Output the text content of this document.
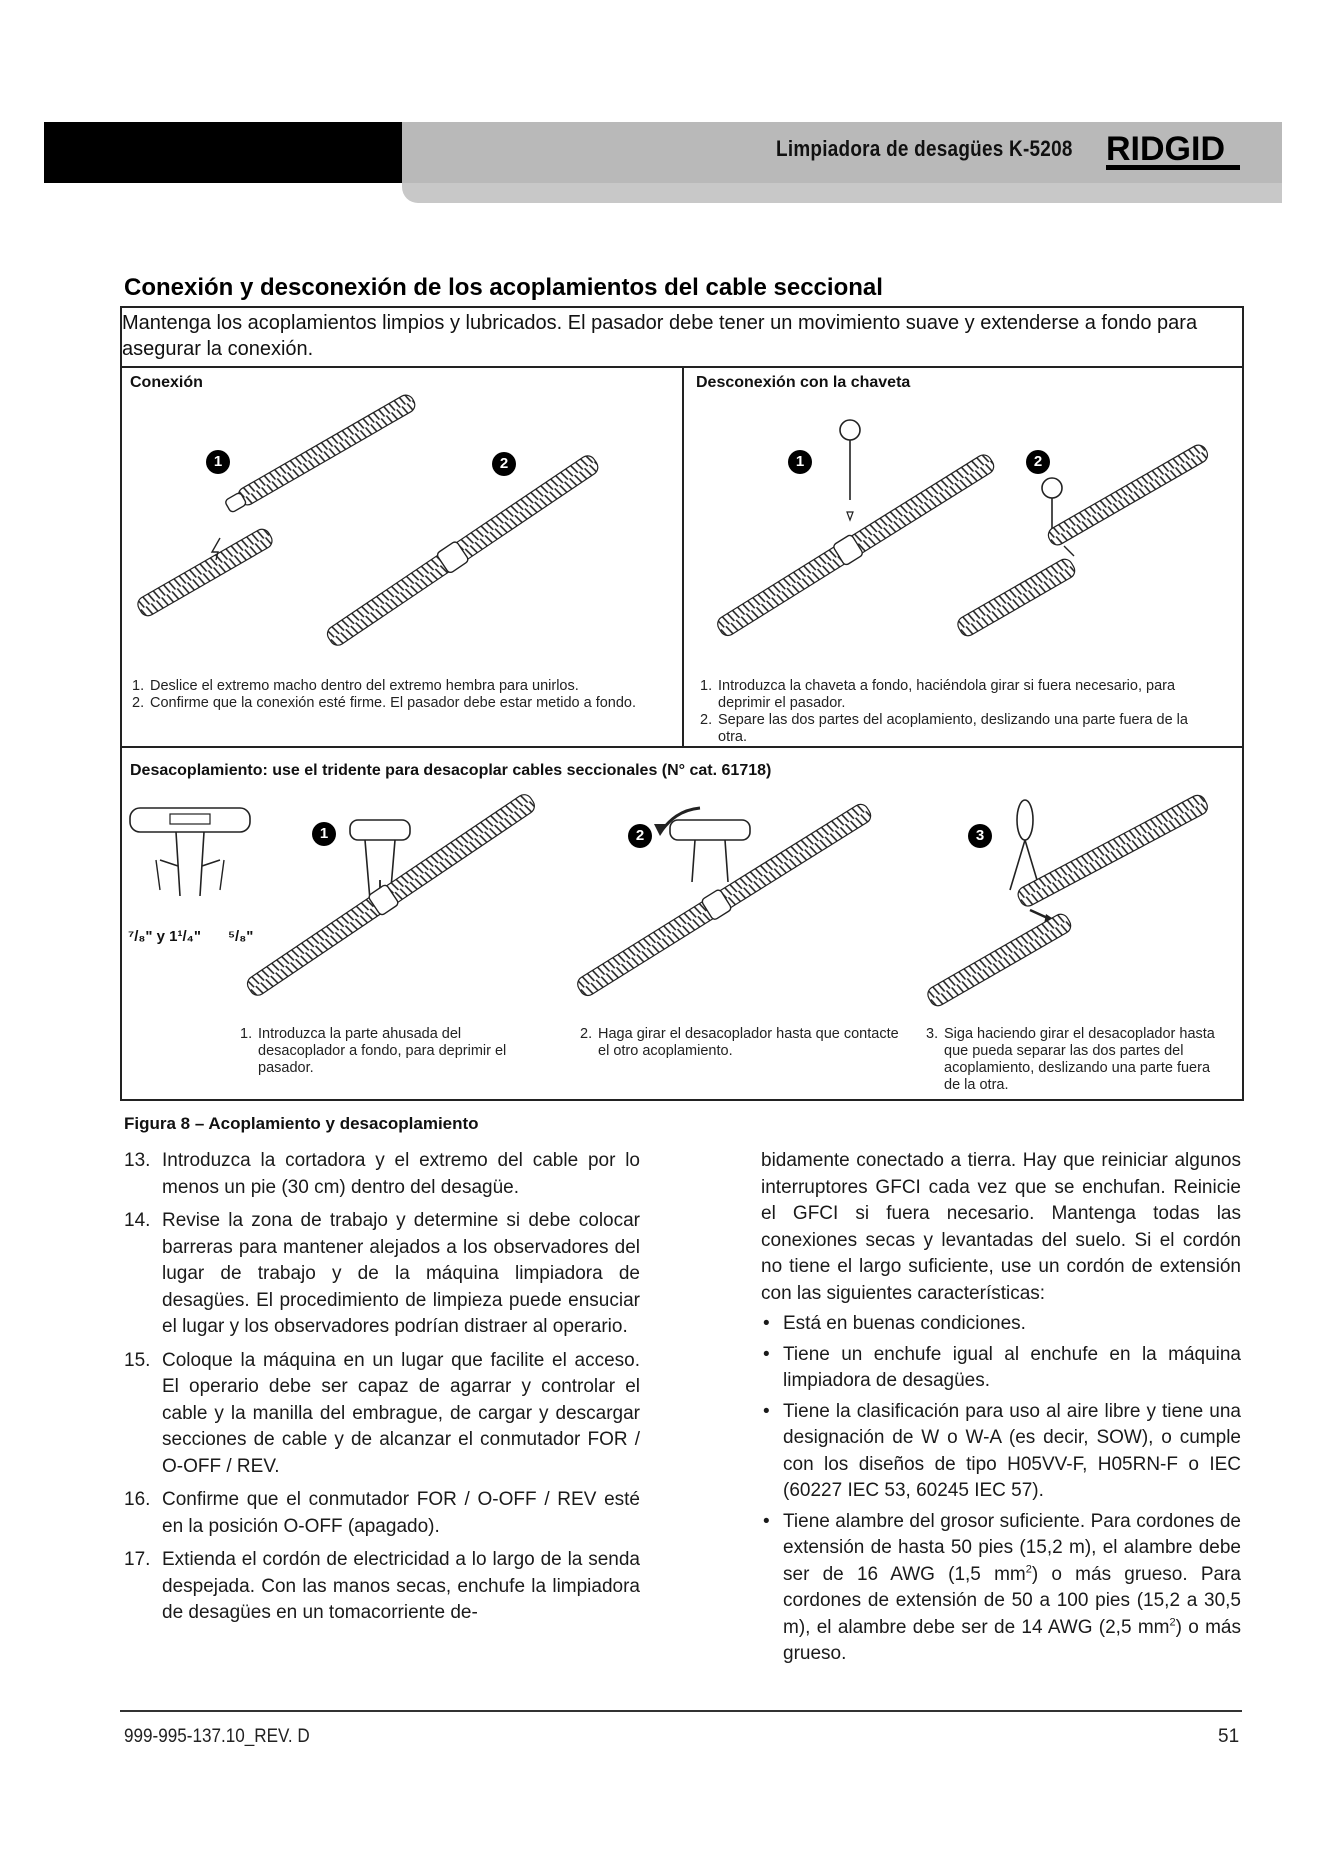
Limpiadora de desagües K-5208 RIDGID
Conexión y desconexión de los acoplamientos del cable seccional
Mantenga los acoplamientos limpios y lubricados. El pasador debe tener un movimiento suave y extenderse a fondo para asegurar la conexión.
Conexión
1	2
1. Deslice el extremo macho dentro del extremo hembra para unirlos.
2. Confirme que la conexión esté firme. El pasador debe estar metido a fondo.
Desconexión con la chaveta
1	2
1. Introduzca la chaveta a fondo, haciéndola girar si fuera necesario, para deprimir el pasador.
2. Separe las dos partes del acoplamiento, deslizando una parte fuera de la otra.
Desacoplamiento: use el tridente para desacoplar cables seccionales (N° cat. 61718)
⁷/₈" y 1¹/₄" ⁵/₈"
1	2	3
1. Introduzca la parte ahusada del desacoplador a fondo, para deprimir el pasador.
2. Haga girar el desacoplador hasta que contacte el otro acoplamiento.
3. Siga haciendo girar el desacoplador hasta que pueda separar las dos partes del acoplamiento, deslizando una parte fuera de la otra.
Figura 8 – Acoplamiento y desacoplamiento
13. Introduzca la cortadora y el extremo del cable por lo menos un pie (30 cm) dentro del desagüe.
14. Revise la zona de trabajo y determine si debe colocar barreras para mantener alejados a los observadores del lugar de trabajo y de la máquina limpiadora de desagües. El procedimiento de limpieza puede ensuciar el lugar y los observadores podrían distraer al operario.
15. Coloque la máquina en un lugar que facilite el acceso. El operario debe ser capaz de agarrar y controlar el cable y la manilla del embrague, de cargar y descargar secciones de cable y de alcanzar el conmutador FOR / O-OFF / REV.
16. Confirme que el conmutador FOR / O-OFF / REV esté en la posición O-OFF (apagado).
17. Extienda el cordón de electricidad a lo largo de la senda despejada. Con las manos secas, enchufe la limpiadora de desagües en un tomacorriente de-
bidamente conectado a tierra. Hay que reiniciar algunos interruptores GFCI cada vez que se enchufan. Reinicie el GFCI si fuera necesario. Mantenga todas las conexiones secas y levantadas del suelo. Si el cordón no tiene el largo suficiente, use un cordón de extensión con las siguientes características:
• Está en buenas condiciones.
• Tiene un enchufe igual al enchufe en la máquina limpiadora de desagües.
• Tiene la clasificación para uso al aire libre y tiene una designación de W o W-A (es decir, SOW), o cumple con los diseños de tipo H05VV-F, H05RN-F o IEC (60227 IEC 53, 60245 IEC 57).
• Tiene alambre del grosor suficiente. Para cordones de extensión de hasta 50 pies (15,2 m), el alambre debe ser de 16 AWG (1,5 $mm^2$) o más grueso. Para cordones de extensión de 50 a 100 pies (15,2 a 30,5 m), el alambre debe ser de 14 AWG (2,5 $mm^2$) o más grueso.
999-995-137.10_REV. D	51
